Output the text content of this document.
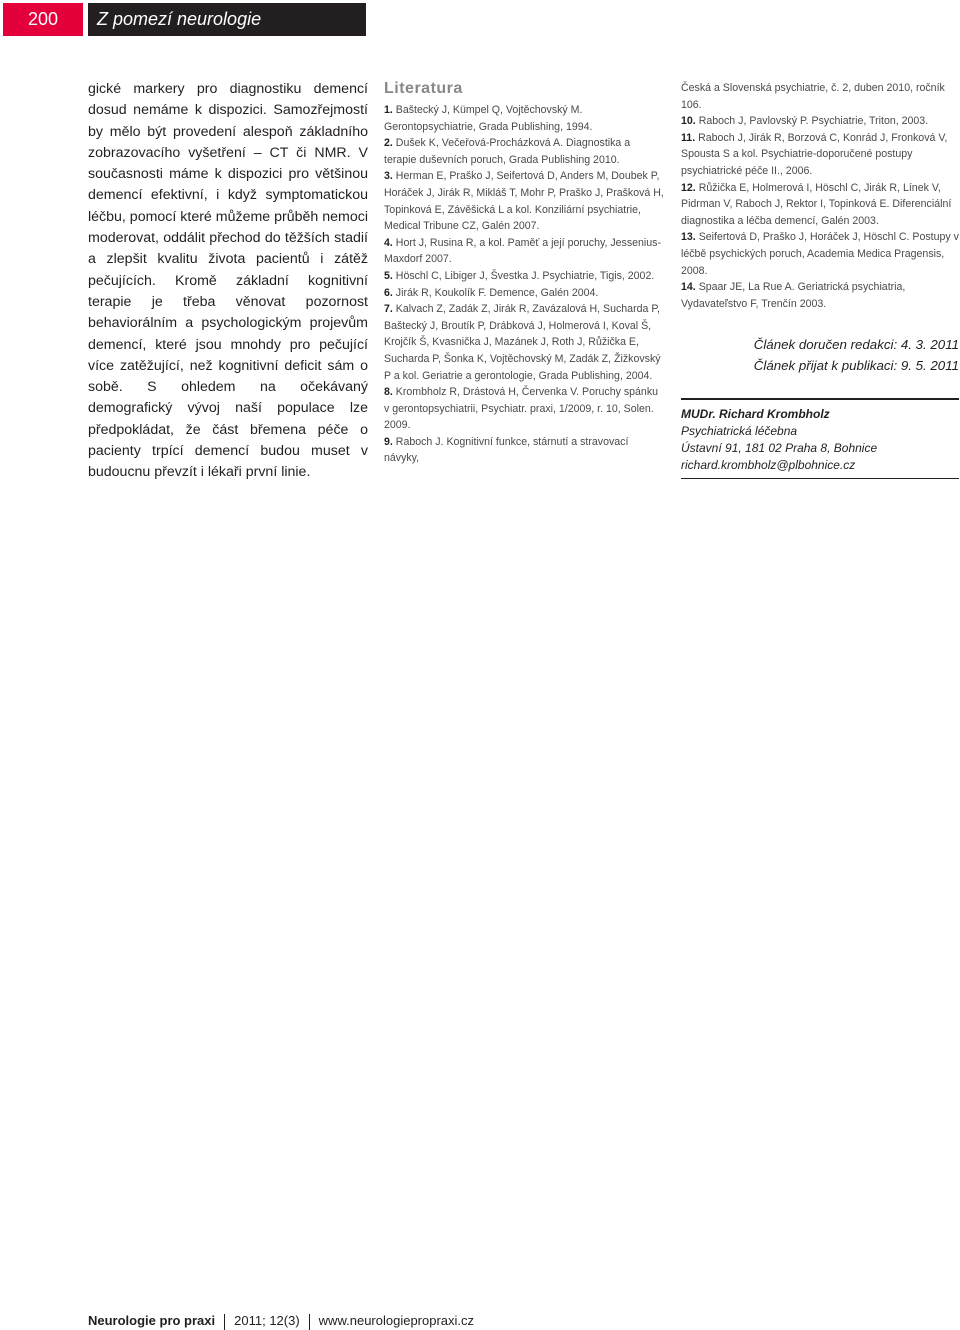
200	Z pomezí neurologie

gické markery pro diagnostiku demencí dosud nemáme k dispozici. Samozřejmostí by mělo být provedení alespoň základního zobrazovacího vyšetření – CT či NMR. V současnosti máme k dispozici pro většinou demencí efektivní, i když symptomatickou léčbu, pomocí které můžeme průběh nemoci moderovat, oddálit přechod do těžších stadií a zlepšit kvalitu života pacientů i zátěž pečujících. Kromě základní kognitivní terapie je třeba věnovat pozornost behaviorálním a psychologickým projevům demencí, které jsou mnohdy pro pečující více zatěžující, než kognitivní deficit sám o sobě. S ohledem na očekávaný demografický vývoj naší populace lze předpokládat, že část břemena péče o pacienty trpící demencí budou muset v budoucnu převzít i lékaři první linie.

Literatura

1. Baštecký J, Kümpel Q, Vojtěchovský M. Gerontopsychiatrie, Grada Publishing, 1994.

2. Dušek K, Večeřová-Procházková A. Diagnostika a terapie duševních poruch, Grada Publishing 2010.

3. Herman E, Praško J, Seifertová D, Anders M, Doubek P, Horáček J, Jirák R, Mikláš T, Mohr P, Praško J, Prašková H, Topinková E, Závěšická L a kol. Konziliární psychiatrie, Medical Tribune CZ, Galén 2007.

4. Hort J, Rusina R, a kol. Paměť a její poruchy, Jessenius-Maxdorf 2007.

5. Höschl C, Libiger J, Švestka J. Psychiatrie, Tigis, 2002.

6. Jirák R, Koukolík F. Demence, Galén 2004.

7. Kalvach Z, Zadák Z, Jirák R, Zavázalová H, Sucharda P, Baštecký J, Broutík P, Drábková J, Holmerová I, Koval Š, Krojčík Š, Kvasnička J, Mazánek J, Roth J, Růžička E, Sucharda P, Šonka K, Vojtěchovský M, Zadák Z, Žižkovský P a kol. Geriatrie a gerontologie, Grada Publishing, 2004.

8. Krombholz R, Drástová H, Červenka V. Poruchy spánku v gerontopsychiatrii, Psychiatr. praxi, 1/2009, r. 10, Solen. 2009.

9. Raboch J. Kognitivní funkce, stárnutí a stravovací návyky,

Česká a Slovenská psychiatrie, č. 2, duben 2010, ročník 106.

10. Raboch J, Pavlovský P. Psychiatrie, Triton, 2003.

11. Raboch J, Jirák R, Borzová C, Konrád J, Fronková V, Spousta S a kol. Psychiatrie-doporučené postupy psychiatrické péče II., 2006.

12. Růžička E, Holmerová I, Höschl C, Jirák R, Línek V, Pidrman V, Raboch J, Rektor I, Topinková E. Diferenciální diagnostika a léčba demencí, Galén 2003.

13. Seifertová D, Praško J, Horáček J, Höschl C. Postupy v léčbě psychických poruch, Academia Medica Pragensis, 2008.

14. Spaar JE, La Rue A. Geriatrická psychiatria, Vydavateľstvo F, Trenčín 2003.

Článek doručen redakci: 4. 3. 2011
Článek přijat k publikaci: 9. 5. 2011
MUDr. Richard Krombholz
Psychiatrická léčebna
Ústavní 91, 181 02 Praha 8, Bohnice
richard.krombholz@plbohnice.cz
Neurologie pro praxi 2011; 12(3) www.neurologiepropraxi.cz
